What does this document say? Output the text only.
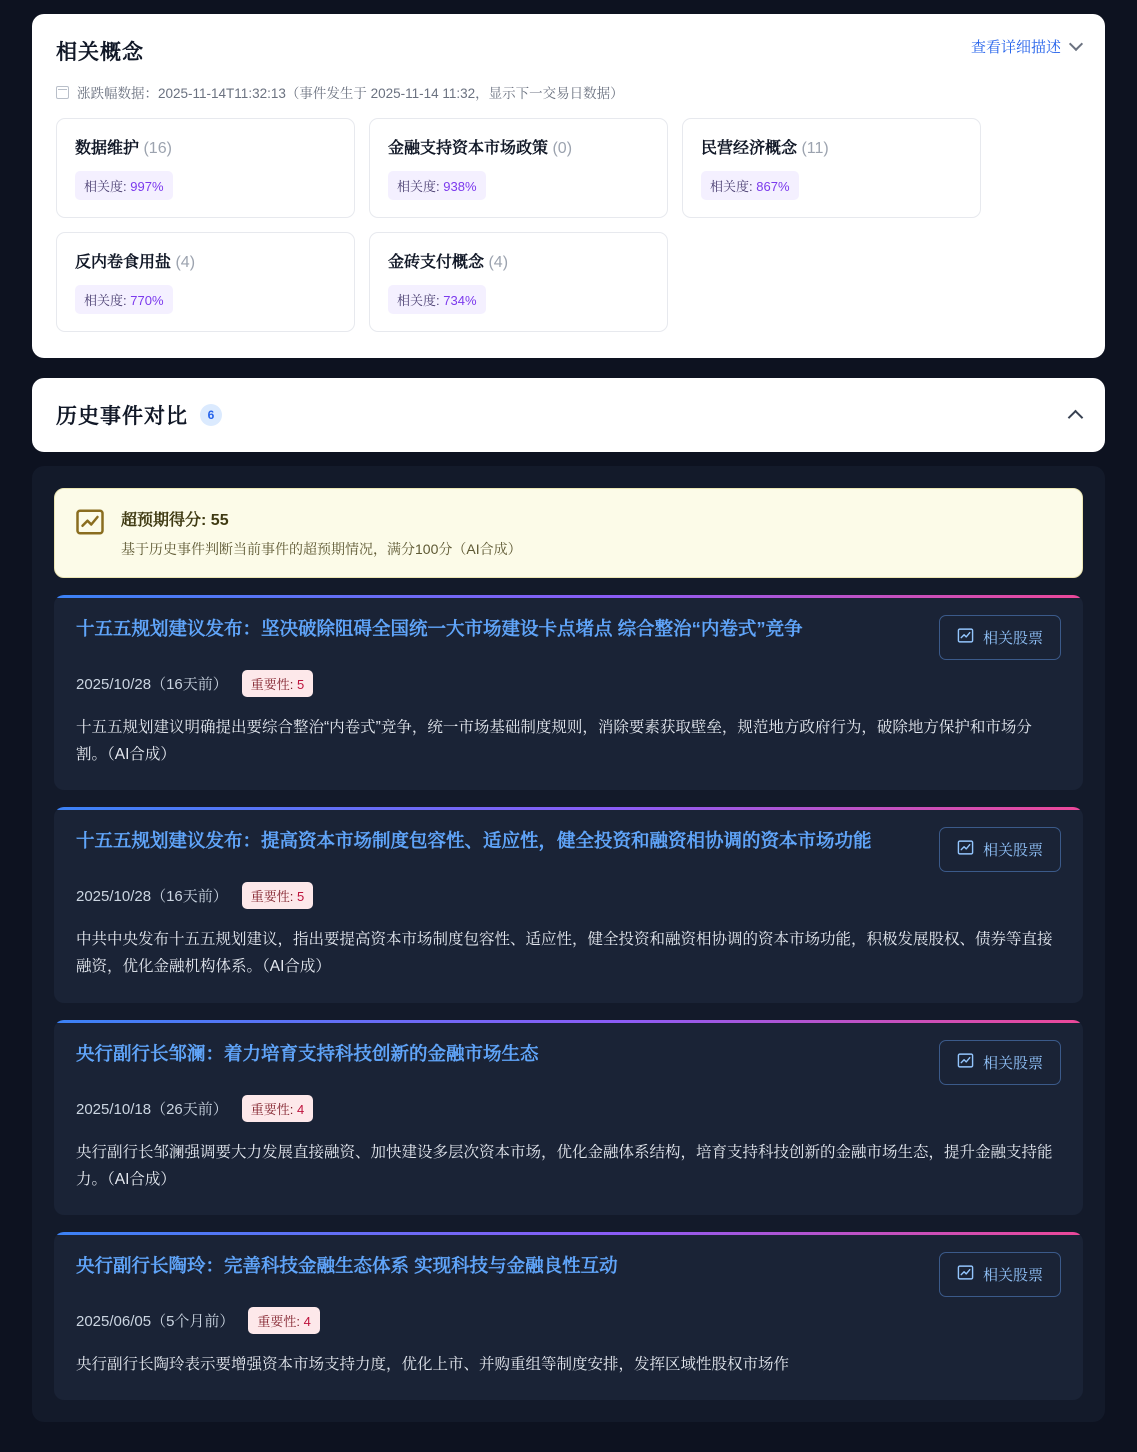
相关概念	查看详细描述
涨跌幅数据：2025-11-14T11:32:13（事件发生于 2025-11-14 11:32，显示下一交易日数据）
数据维护 (16)
相关度: 997%
金融支持资本市场政策 (0)
相关度: 938%
民营经济概念 (11)
相关度: 867%
反内卷食用盐 (4)
相关度: 770%
金砖支付概念 (4)
相关度: 734%
历史事件对比	6
超预期得分: 55
基于历史事件判断当前事件的超预期情况，满分100分（AI合成）
十五五规划建议发布：坚决破除阻碍全国统一大市场建设卡点堵点 综合整治“内卷式”竞争	相关股票
2025/10/28（16天前）	重要性: 5
十五五规划建议明确提出要综合整治“内卷式”竞争，统一市场基础制度规则，消除要素获取壁垒，规范地方政府行为，破除地方保护和市场分割。（AI合成）
十五五规划建议发布：提高资本市场制度包容性、适应性，健全投资和融资相协调的资本市场功能	相关股票
2025/10/28（16天前）	重要性: 5
中共中央发布十五五规划建议，指出要提高资本市场制度包容性、适应性，健全投资和融资相协调的资本市场功能，积极发展股权、债券等直接融资，优化金融机构体系。（AI合成）
央行副行长邹澜：着力培育支持科技创新的金融市场生态	相关股票
2025/10/18（26天前）	重要性: 4
央行副行长邹澜强调要大力发展直接融资、加快建设多层次资本市场，优化金融体系结构，培育支持科技创新的金融市场生态，提升金融支持能力。（AI合成）
央行副行长陶玲：完善科技金融生态体系 实现科技与金融良性互动	相关股票
2025/06/05（5个月前）	重要性: 4
央行副行长陶玲表示要增强资本市场支持力度，优化上市、并购重组等制度安排，发挥区域性股权市场作
